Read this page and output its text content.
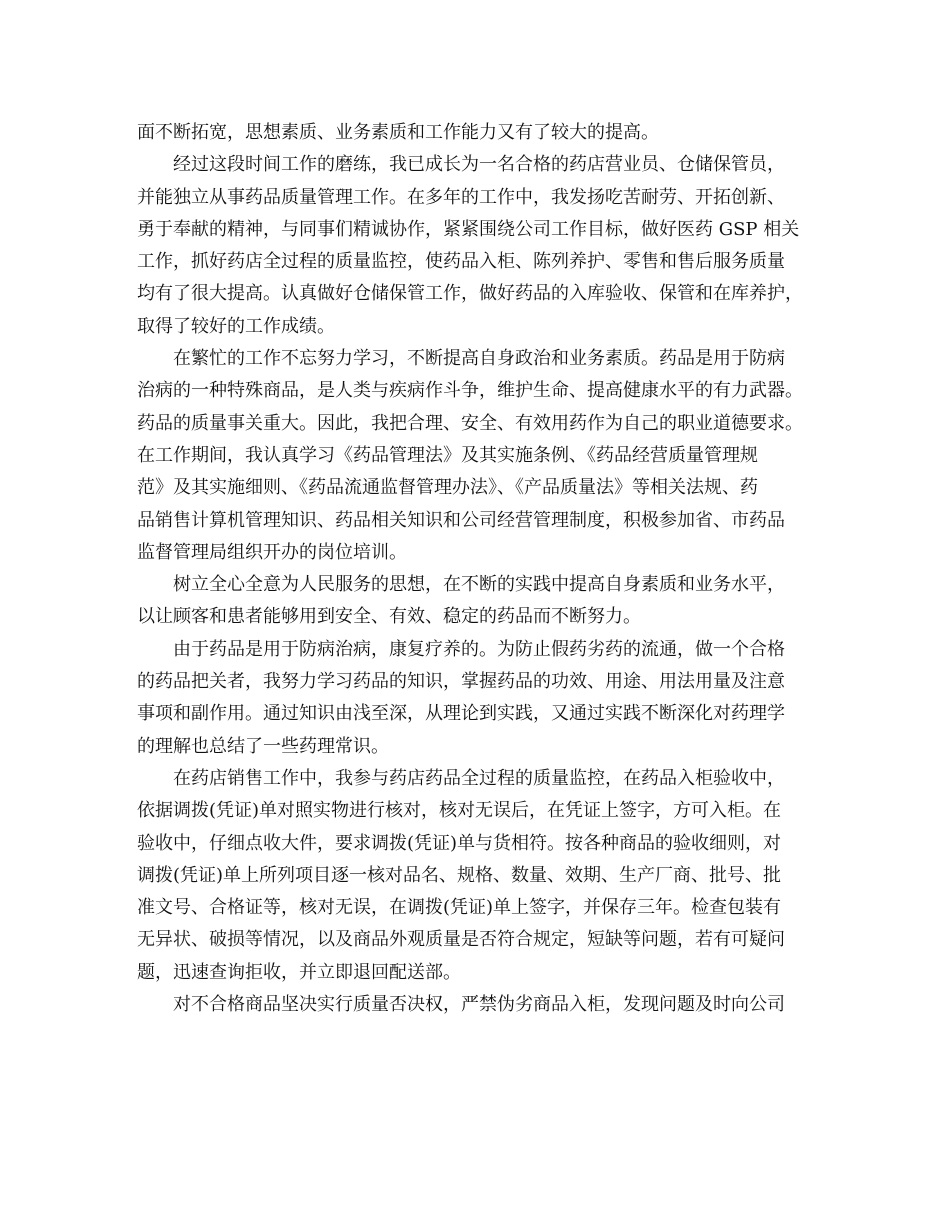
面不断拓宽，思想素质、业务素质和工作能力又有了较大的提高。
经过这段时间工作的磨练，我已成长为一名合格的药店营业员、仓储保管员，
并能独立从事药品质量管理工作。在多年的工作中，我发扬吃苦耐劳、开拓创新、
勇于奉献的精神，与同事们精诚协作，紧紧围绕公司工作目标，做好医药 GSP 相关
工作，抓好药店全过程的质量监控，使药品入柜、陈列养护、零售和售后服务质量
均有了很大提高。认真做好仓储保管工作，做好药品的入库验收、保管和在库养护，
取得了较好的工作成绩。
在繁忙的工作不忘努力学习，不断提高自身政治和业务素质。药品是用于防病
治病的一种特殊商品，是人类与疾病作斗争，维护生命、提高健康水平的有力武器。
药品的质量事关重大。因此，我把合理、安全、有效用药作为自己的职业道德要求。
在工作期间，我认真学习《药品管理法》及其实施条例、《药品经营质量管理规
范》及其实施细则、《药品流通监督管理办法》、《产品质量法》等相关法规、药
品销售计算机管理知识、药品相关知识和公司经营管理制度，积极参加省、市药品
监督管理局组织开办的岗位培训。
树立全心全意为人民服务的思想，在不断的实践中提高自身素质和业务水平，
以让顾客和患者能够用到安全、有效、稳定的药品而不断努力。
由于药品是用于防病治病，康复疗养的。为防止假药劣药的流通，做一个合格
的药品把关者，我努力学习药品的知识，掌握药品的功效、用途、用法用量及注意
事项和副作用。通过知识由浅至深，从理论到实践，又通过实践不断深化对药理学
的理解也总结了一些药理常识。
在药店销售工作中，我参与药店药品全过程的质量监控，在药品入柜验收中，
依据调拨(凭证)单对照实物进行核对，核对无误后，在凭证上签字，方可入柜。在
验收中，仔细点收大件，要求调拨(凭证)单与货相符。按各种商品的验收细则，对
调拨(凭证)单上所列项目逐一核对品名、规格、数量、效期、生产厂商、批号、批
准文号、合格证等，核对无误，在调拨(凭证)单上签字，并保存三年。检查包装有
无异状、破损等情况，以及商品外观质量是否符合规定，短缺等问题，若有可疑问
题，迅速查询拒收，并立即退回配送部。
对不合格商品坚决实行质量否决权，严禁伪劣商品入柜，发现问题及时向公司
